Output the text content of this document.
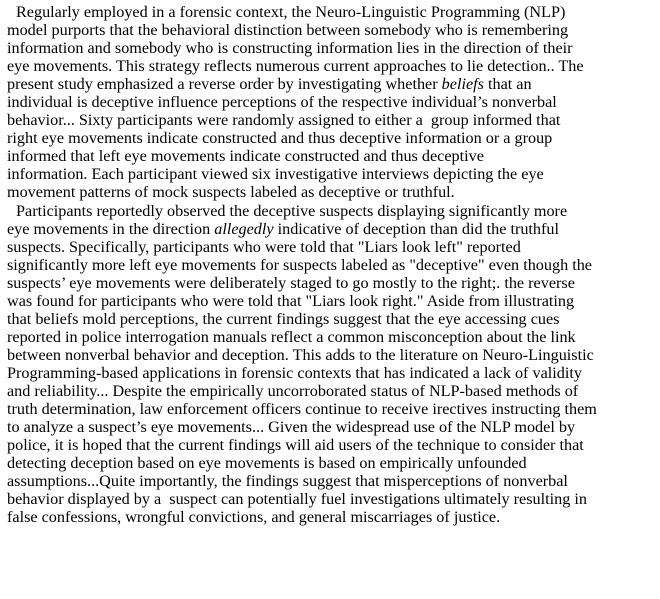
Regularly employed in a forensic context, the Neuro-Linguistic Programming (NLP)
model purports that the behavioral distinction between somebody who is remembering
information and somebody who is constructing information lies in the direction of their
eye movements. This strategy reflects numerous current approaches to lie detection.. The
present study emphasized a reverse order by investigating whether beliefs that an
individual is deceptive influence perceptions of the respective individual’s nonverbal
behavior... Sixty participants were randomly assigned to either a  group informed that
right eye movements indicate constructed and thus deceptive information or a group
informed that left eye movements indicate constructed and thus deceptive
information. Each participant viewed six investigative interviews depicting the eye
movement patterns of mock suspects labeled as deceptive or truthful.
Participants reportedly observed the deceptive suspects displaying significantly more
eye movements in the direction allegedly indicative of deception than did the truthful
suspects. Specifically, participants who were told that "Liars look left" reported
significantly more left eye movements for suspects labeled as "deceptive" even though the
suspects’ eye movements were deliberately staged to go mostly to the right;. the reverse
was found for participants who were told that "Liars look right." Aside from illustrating
that beliefs mold perceptions, the current findings suggest that the eye accessing cues
reported in police interrogation manuals reflect a common misconception about the link
between nonverbal behavior and deception. This adds to the literature on Neuro-Linguistic
Programming-based applications in forensic contexts that has indicated a lack of validity
and reliability... Despite the empirically uncorroborated status of NLP-based methods of
truth determination, law enforcement officers continue to receive irectives instructing them
to analyze a suspect’s eye movements... Given the widespread use of the NLP model by
police, it is hoped that the current findings will aid users of the technique to consider that
detecting deception based on eye movements is based on empirically unfounded
assumptions...Quite importantly, the findings suggest that misperceptions of nonverbal
behavior displayed by a  suspect can potentially fuel investigations ultimately resulting in
false confessions, wrongful convictions, and general miscarriages of justice.
